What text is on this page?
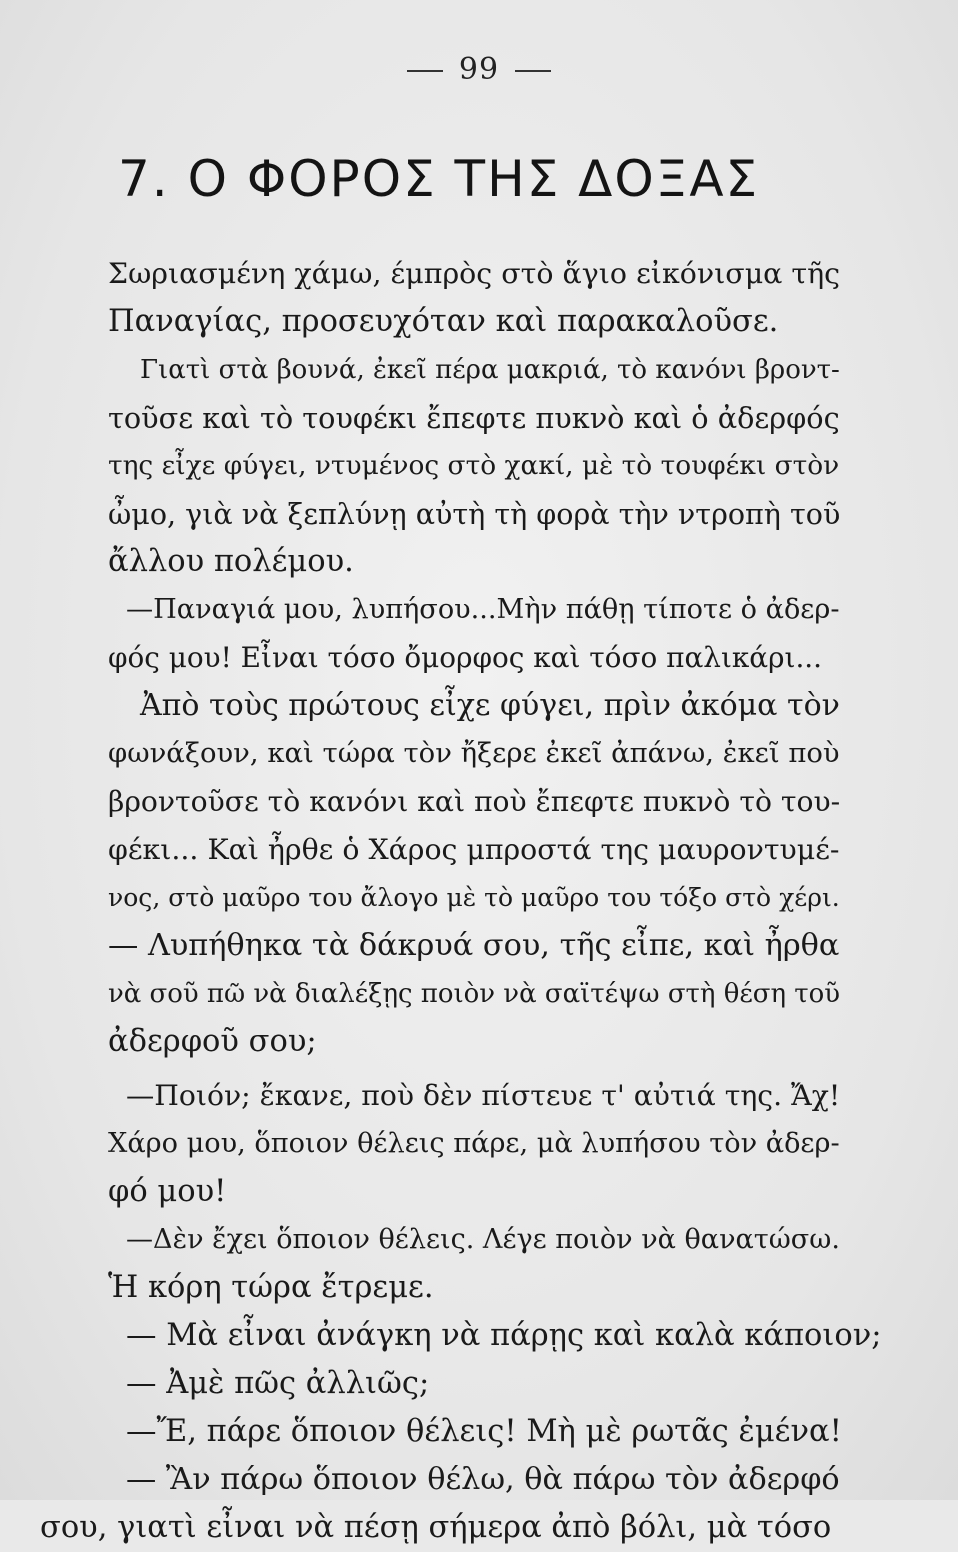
99
7. Ο ΦΟΡΟΣ ΤΗΣ ΔΟΞΑΣ
Σωριασμένη χάμω, έμπρὸς στὸ ἅγιο εἰκόνισμα τῆς
Παναγίας, προσευχόταν καὶ παρακαλοῦσε.
Γιατὶ στὰ βουνά, ἐκεῖ πέρα μακριά, τὸ κανόνι βροντ-
τοῦσε καὶ τὸ τουφέκι ἔπεφτε πυκνὸ καὶ ὁ ἀδερφός
της εἶχε φύγει, ντυμένος στὸ χακί, μὲ τὸ τουφέκι στὸν
ὦμο, γιὰ νὰ ξεπλύνῃ αὐτὴ τὴ φορὰ τὴν ντροπὴ τοῦ
ἄλλου πολέμου.
—Παναγιά μου, λυπήσου...Μὴν πάθῃ τίποτε ὁ ἀδερ-
φός μου! Εἶναι τόσο ὄμορφος καὶ τόσο παλικάρι...
Ἀπὸ τοὺς πρώτους εἶχε φύγει, πρὶν ἀκόμα τὸν
φωνάξουν, καὶ τώρα τὸν ἤξερε ἐκεῖ ἀπάνω, ἐκεῖ ποὺ
βροντοῦσε τὸ κανόνι καὶ ποὺ ἔπεφτε πυκνὸ τὸ του-
φέκι... Καὶ ἦρθε ὁ Χάρος μπροστά της μαυροντυμέ-
νος, στὸ μαῦρο του ἄλογο μὲ τὸ μαῦρο του τόξο στὸ χέρι.
— Λυπήθηκα τὰ δάκρυά σου, τῆς εἶπε, καὶ ἦρθα
νὰ σοῦ πῶ νὰ διαλέξῃς ποιὸν νὰ σαϊτέψω στὴ θέση τοῦ
ἀδερφοῦ σου;
—Ποιόν; ἔκανε, ποὺ δὲν πίστευε τ' αὐτιά της. Ἄχ!
Χάρο μου, ὅποιον θέλεις πάρε, μὰ λυπήσου τὸν ἀδερ-
φό μου!
—Δὲν ἔχει ὅποιον θέλεις. Λέγε ποιὸν νὰ θανατώσω.
Ἡ κόρη τώρα ἔτρεμε.
— Μὰ εἶναι ἀνάγκη νὰ πάρῃς καὶ καλὰ κάποιον;
— Ἀμὲ πῶς ἀλλιῶς;
—Ἔ, πάρε ὅποιον θέλεις! Μὴ μὲ ρωτᾶς ἐμένα!
— Ἂν πάρω ὅποιον θέλω, θὰ πάρω τὸν ἀδερφό
σου, γιατὶ εἶναι νὰ πέσῃ σήμερα ἀπὸ βόλι, μὰ τόσο
